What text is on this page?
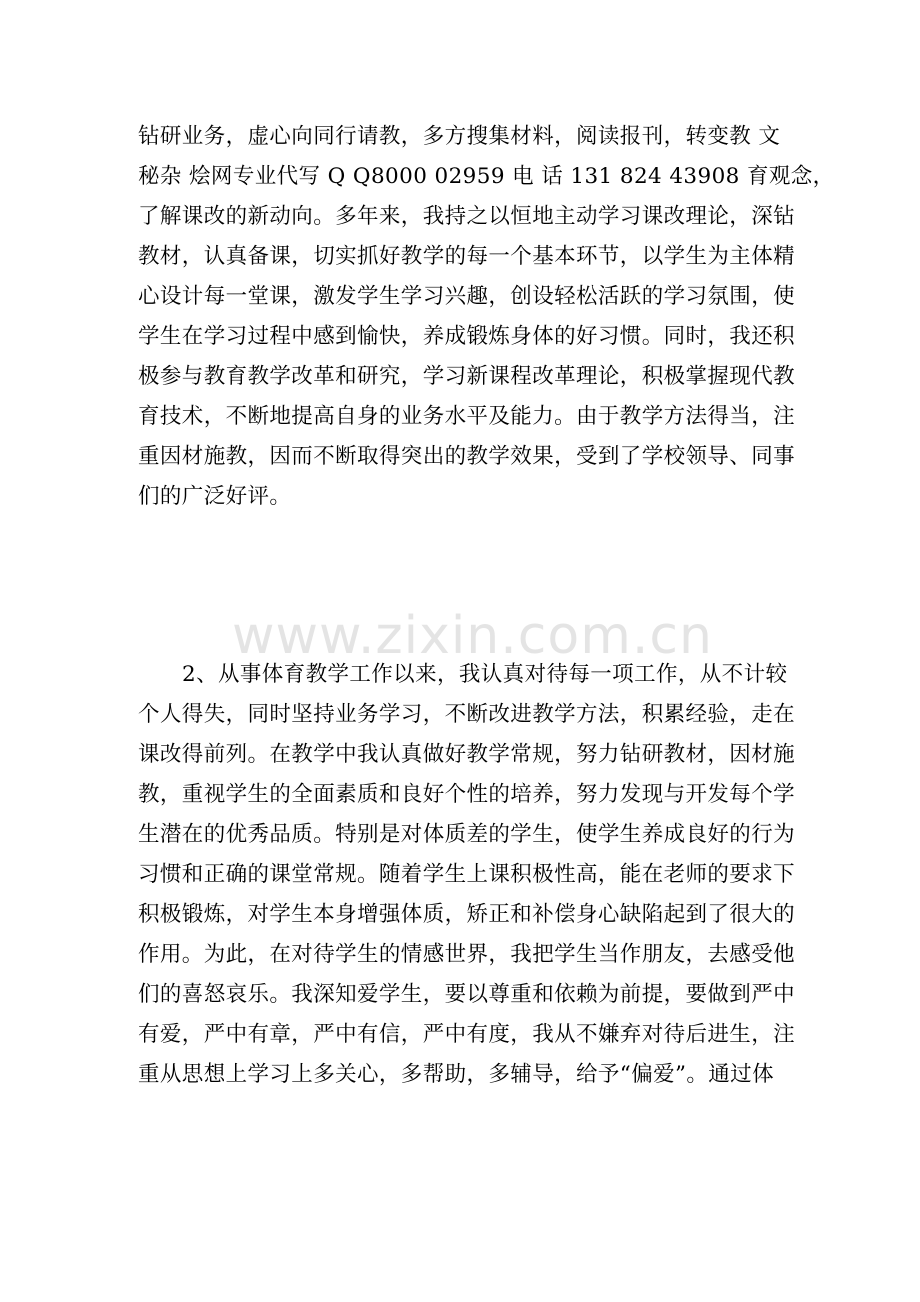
钻研业务，虚心向同行请教，多方搜集材料，阅读报刊，转变教 文
秘杂 烩网专业代写 Q Q8000 02959 电 话 131 824 43908 育观念，
了解课改的新动向。多年来，我持之以恒地主动学习课改理论，深钻
教材，认真备课，切实抓好教学的每一个基本环节，以学生为主体精
心设计每一堂课，激发学生学习兴趣，创设轻松活跃的学习氛围，使
学生在学习过程中感到愉快，养成锻炼身体的好习惯。同时，我还积
极参与教育教学改革和研究，学习新课程改革理论，积极掌握现代教
育技术，不断地提高自身的业务水平及能力。由于教学方法得当，注
重因材施教，因而不断取得突出的教学效果，受到了学校领导、同事
们的广泛好评。
www.zixin.com.cn
2、从事体育教学工作以来，我认真对待每一项工作，从不计较
个人得失，同时坚持业务学习，不断改进教学方法，积累经验，走在
课改得前列。在教学中我认真做好教学常规，努力钻研教材，因材施
教，重视学生的全面素质和良好个性的培养，努力发现与开发每个学
生潜在的优秀品质。特别是对体质差的学生，使学生养成良好的行为
习惯和正确的课堂常规。随着学生上课积极性高，能在老师的要求下
积极锻炼，对学生本身增强体质，矫正和补偿身心缺陷起到了很大的
作用。为此，在对待学生的情感世界，我把学生当作朋友，去感受他
们的喜怒哀乐。我深知爱学生，要以尊重和依赖为前提，要做到严中
有爱，严中有章，严中有信，严中有度，我从不嫌弃对待后进生，注
重从思想上学习上多关心，多帮助，多辅导，给予“偏爱”。通过体
